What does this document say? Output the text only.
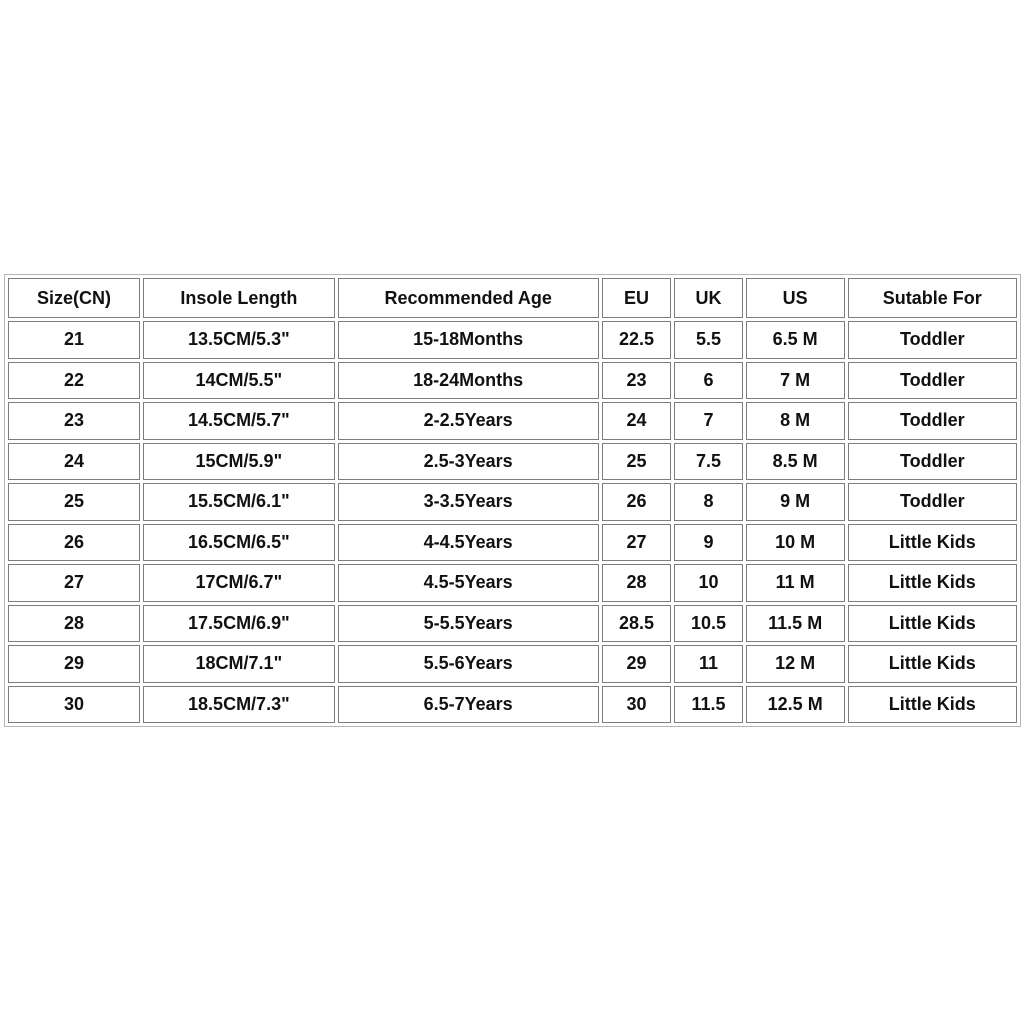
Size(CN)	Insole Length	Recommended Age	EU	UK	US	Sutable For
21	13.5CM/5.3"	15-18Months	22.5	5.5	6.5 M	Toddler
22	14CM/5.5"	18-24Months	23	6	7 M	Toddler
23	14.5CM/5.7"	2-2.5Years	24	7	8 M	Toddler
24	15CM/5.9"	2.5-3Years	25	7.5	8.5 M	Toddler
25	15.5CM/6.1"	3-3.5Years	26	8	9 M	Toddler
26	16.5CM/6.5"	4-4.5Years	27	9	10 M	Little Kids
27	17CM/6.7"	4.5-5Years	28	10	11 M	Little Kids
28	17.5CM/6.9"	5-5.5Years	28.5	10.5	11.5 M	Little Kids
29	18CM/7.1"	5.5-6Years	29	11	12 M	Little Kids
30	18.5CM/7.3"	6.5-7Years	30	11.5	12.5 M	Little Kids
